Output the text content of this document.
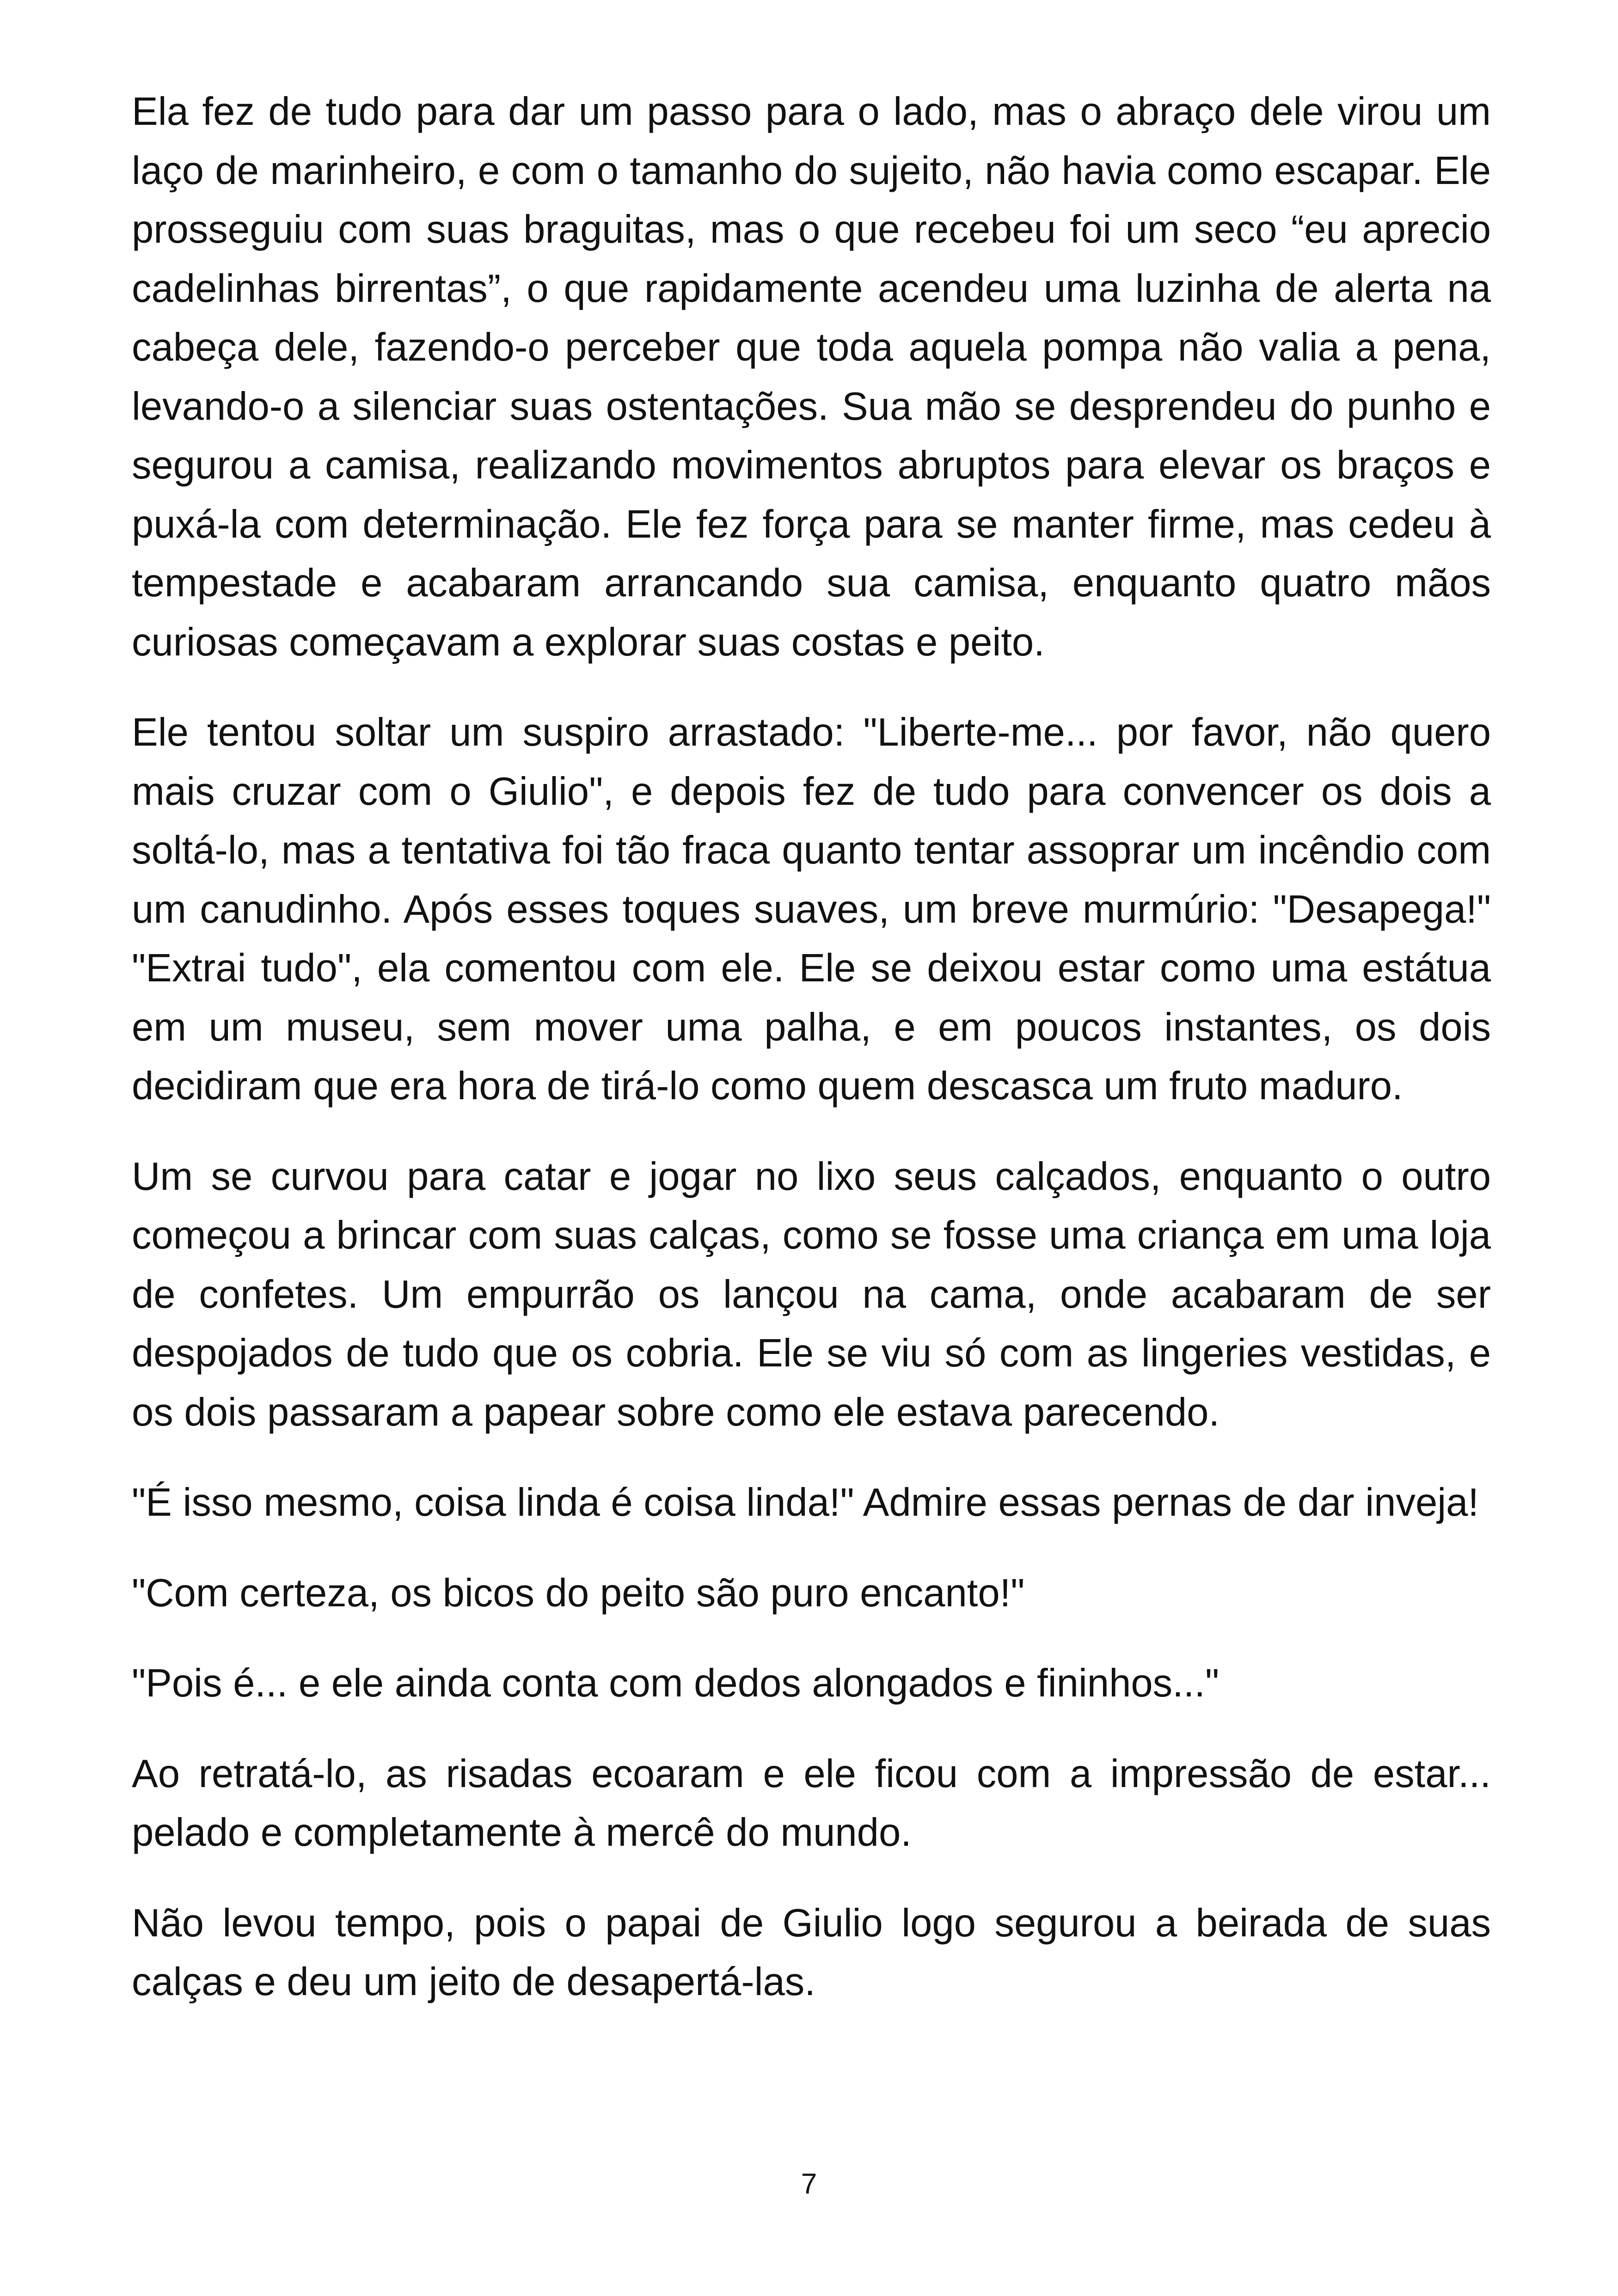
Ela fez de tudo para dar um passo para o lado, mas o abraço dele virou um laço de marinheiro, e com o tamanho do sujeito, não havia como escapar. Ele prosseguiu com suas braguitas, mas o que recebeu foi um seco “eu aprecio cadelinhas birrentas”, o que rapidamente acendeu uma luzinha de alerta na cabeça dele, fazendo-o perceber que toda aquela pompa não valia a pena, levando-o a silenciar suas ostentações. Sua mão se desprendeu do punho e segurou a camisa, realizando movimentos abruptos para elevar os braços e puxá-la com determinação. Ele fez força para se manter firme, mas cedeu à tempestade e acabaram arrancando sua camisa, enquanto quatro mãos curiosas começavam a explorar suas costas e peito.

Ele tentou soltar um suspiro arrastado: "Liberte-me... por favor, não quero mais cruzar com o Giulio", e depois fez de tudo para convencer os dois a soltá-lo, mas a tentativa foi tão fraca quanto tentar assoprar um incêndio com um canudinho. Após esses toques suaves, um breve murmúrio: "Desapega!" "Extrai tudo", ela comentou com ele. Ele se deixou estar como uma estátua em um museu, sem mover uma palha, e em poucos instantes, os dois decidiram que era hora de tirá-lo como quem descasca um fruto maduro.

Um se curvou para catar e jogar no lixo seus calçados, enquanto o outro começou a brincar com suas calças, como se fosse uma criança em uma loja de confetes. Um empurrão os lançou na cama, onde acabaram de ser despojados de tudo que os cobria. Ele se viu só com as lingeries vestidas, e os dois passaram a papear sobre como ele estava parecendo.

"É isso mesmo, coisa linda é coisa linda!" Admire essas pernas de dar inveja!

"Com certeza, os bicos do peito são puro encanto!"

"Pois é... e ele ainda conta com dedos alongados e fininhos..."

Ao retratá-lo, as risadas ecoaram e ele ficou com a impressão de estar... pelado e completamente à mercê do mundo.

Não levou tempo, pois o papai de Giulio logo segurou a beirada de suas calças e deu um jeito de desapertá-las.

7
